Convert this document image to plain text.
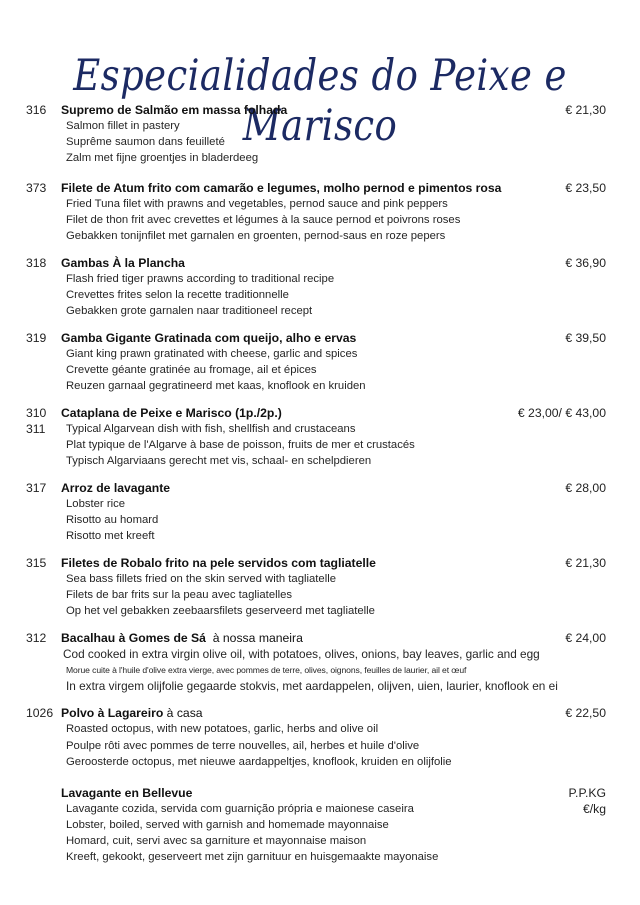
Especialidades do Peixe e Marisco
316	Supremo de Salmão em massa folhada	€ 21,30
Salmon fillet in pastery
Suprême saumon dans feuilleté
Zalm met fijne groentjes in bladerdeeg
373	Filete de Atum frito com camarão e legumes, molho pernod e pimentos rosa	€ 23,50
Fried Tuna filet with prawns and vegetables, pernod sauce and pink peppers
Filet de thon frit avec crevettes et légumes à la sauce pernod et poivrons roses
Gebakken tonijnfilet met garnalen en groenten, pernod-saus en roze pepers
318	Gambas À la Plancha	€ 36,90
Flash fried tiger prawns according to traditional recipe
Crevettes frites selon la recette traditionnelle
Gebakken grote garnalen naar traditioneel recept
319	Gamba Gigante Gratinada com queijo, alho e ervas	€ 39,50
Giant king prawn gratinated with cheese, garlic and spices
Crevette géante gratinée au fromage, ail et épices
Reuzen garnaal gegratineerd met kaas, knoflook en kruiden
310	Cataplana de Peixe e Marisco (1p./2p.)	€ 23,00/ € 43,00
311 Typical Algarvean dish with fish, shellfish and crustaceans
Plat typique de l'Algarve à base de poisson, fruits de mer et crustacés
Typisch Algarviaans gerecht met vis, schaal- en schelpdieren
317	Arroz de lavagante	€ 28,00
Lobster rice
Risotto au homard
Risotto met kreeft
315	Filetes de Robalo frito na pele servidos com tagliatelle	€ 21,30
Sea bass fillets fried on the skin served with tagliatelle
Filets de bar frits sur la peau avec tagliatelles
Op het vel gebakken zeebaarsfilets geserveerd met tagliatelle
312	Bacalhau à Gomes de Sá  à nossa maneira	€ 24,00
Cod cooked in extra virgin olive oil, with potatoes, olives, onions, bay leaves, garlic and egg
Morue cuite à l'huile d'olive extra vierge, avec pommes de terre, olives, oignons, feuilles de laurier, ail et œuf
In extra virgem olijfolie gegaarde stokvis, met aardappelen, olijven, uien, laurier, knoflook en ei
1026 Polvo à Lagareiro à casa	€ 22,50
Roasted octopus, with new potatoes, garlic, herbs and olive oil
Poulpe rôti avec pommes de terre nouvelles, ail, herbes et huile d'olive
Geroosterde octopus, met nieuwe aardappeltjes, knoflook, kruiden en olijfolie
Lavagante en Bellevue	P.P.KG
€/kg
Lavagante cozida, servida com guarnição própria e maionese caseira
Lobster, boiled, served with garnish and homemade mayonnaise
Homard, cuit, servi avec sa garniture et mayonnaise maison
Kreeft, gekookt, geserveert met zijn garnituur en huisgemaakte mayonaise
